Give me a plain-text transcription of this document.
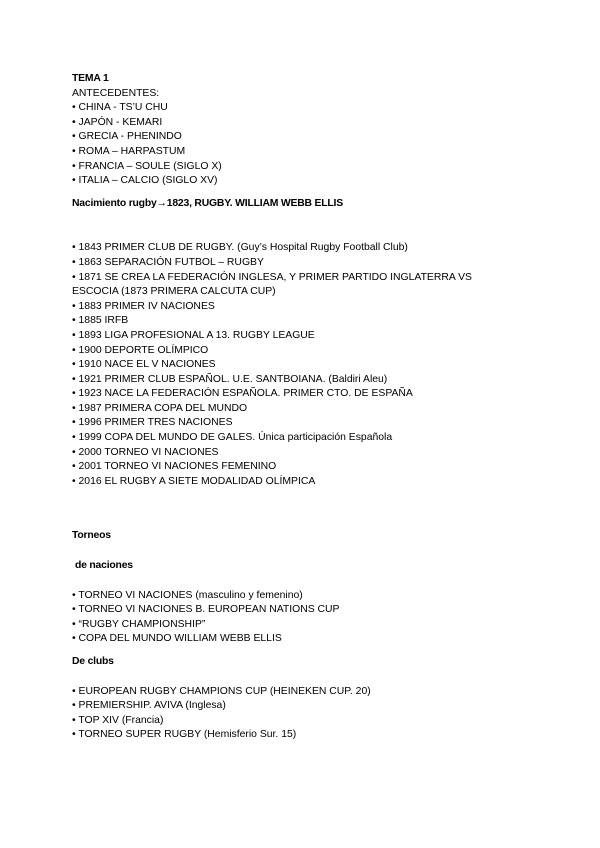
TEMA 1
ANTECEDENTES:
• CHINA - TS’U CHU
• JAPÓN - KEMARI
• GRECIA - PHENINDO
• ROMA – HARPASTUM
• FRANCIA – SOULE (SIGLO X)
• ITALIA – CALCIO (SIGLO XV)
Nacimiento rugby→1823, RUGBY. WILLIAM WEBB ELLIS
• 1843 PRIMER CLUB DE RUGBY. (Guy’s Hospital Rugby Football Club)
• 1863 SEPARACIÓN FUTBOL – RUGBY
• 1871 SE CREA LA FEDERACIÓN INGLESA, Y PRIMER PARTIDO INGLATERRA VS
ESCOCIA (1873 PRIMERA CALCUTA CUP)
• 1883 PRIMER IV NACIONES
• 1885 IRFB
• 1893 LIGA PROFESIONAL A 13. RUGBY LEAGUE
• 1900 DEPORTE OLÍMPICO
• 1910 NACE EL V NACIONES
• 1921 PRIMER CLUB ESPAÑOL. U.E. SANTBOIANA. (Baldiri Aleu)
• 1923 NACE LA FEDERACIÓN ESPAÑOLA. PRIMER CTO. DE ESPAÑA
• 1987 PRIMERA COPA DEL MUNDO
• 1996 PRIMER TRES NACIONES
• 1999 COPA DEL MUNDO DE GALES. Única participación Española
• 2000 TORNEO VI NACIONES
• 2001 TORNEO VI NACIONES FEMENINO
• 2016 EL RUGBY A SIETE MODALIDAD OLÍMPICA
Torneos
de naciones
• TORNEO VI NACIONES (masculino y femenino)
• TORNEO VI NACIONES B. EUROPEAN NATIONS CUP
• “RUGBY CHAMPIONSHIP”
• COPA DEL MUNDO WILLIAM WEBB ELLIS
De clubs
• EUROPEAN RUGBY CHAMPIONS CUP (HEINEKEN CUP. 20)
• PREMIERSHIP. AVIVA (Inglesa)
• TOP XIV (Francia)
• TORNEO SUPER RUGBY (Hemisferio Sur. 15)
